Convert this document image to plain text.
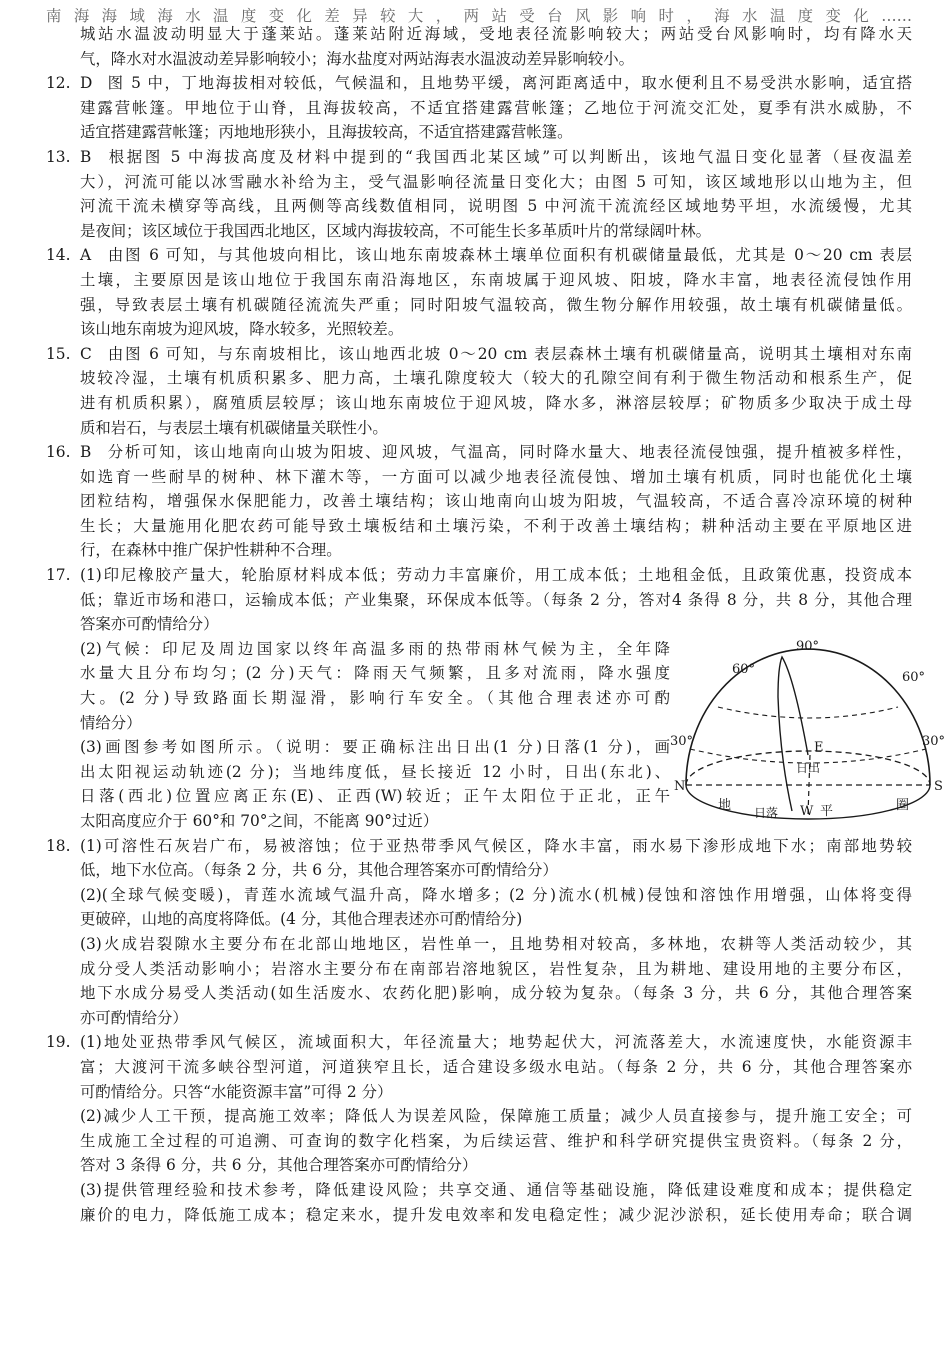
南海海域海水温度变化差异较大，两站受台风影响时，海水温度变化……

城站水温波动明显大于蓬莱站。蓬莱站附近海域，受地表径流影响较大；两站受台风影响时，均有降水天

气，降水对水温波动差异影响较小；海水盐度对两站海表水温波动差异影响较小。

12. D 图 5 中，丁地海拔相对较低，气候温和，且地势平缓，离河距离适中，取水便利且不易受洪水影响，适宜搭

建露营帐篷。甲地位于山脊，且海拔较高，不适宜搭建露营帐篷；乙地位于河流交汇处，夏季有洪水威胁，不

适宜搭建露营帐篷；丙地地形狭小，且海拔较高，不适宜搭建露营帐篷。

13. B 根据图 5 中海拔高度及材料中提到的“我国西北某区域”可以判断出，该地气温日变化显著（昼夜温差

大），河流可能以冰雪融水补给为主，受气温影响径流量日变化大；由图 5 可知，该区域地形以山地为主，但

河流干流未横穿等高线，且两侧等高线数值相同，说明图 5 中河流干流流经区域地势平坦，水流缓慢，尤其

是夜间；该区域位于我国西北地区，区域内海拔较高，不可能生长多革质叶片的常绿阔叶林。

14. A 由图 6 可知，与其他坡向相比，该山地东南坡森林土壤单位面积有机碳储量最低，尤其是 0～20 cm 表层

土壤，主要原因是该山地位于我国东南沿海地区，东南坡属于迎风坡、阳坡，降水丰富，地表径流侵蚀作用

强，导致表层土壤有机碳随径流流失严重；同时阳坡气温较高，微生物分解作用较强，故土壤有机碳储量低。

该山地东南坡为迎风坡，降水较多，光照较差。

15. C 由图 6 可知，与东南坡相比，该山地西北坡 0～20 cm 表层森林土壤有机碳储量高，说明其土壤相对东南

坡较冷湿，土壤有机质积累多、肥力高，土壤孔隙度较大（较大的孔隙空间有利于微生物活动和根系生产，促

进有机质积累），腐殖质层较厚；该山地东南坡位于迎风坡，降水多，淋溶层较厚；矿物质多少取决于成土母

质和岩石，与表层土壤有机碳储量关联性小。

16. B 分析可知，该山地南向山坡为阳坡、迎风坡，气温高，同时降水量大、地表径流侵蚀强，提升植被多样性，

如选育一些耐旱的树种、林下灌木等，一方面可以减少地表径流侵蚀、增加土壤有机质，同时也能优化土壤

团粒结构，增强保水保肥能力，改善土壤结构；该山地南向山坡为阳坡，气温较高，不适合喜冷凉环境的树种

生长；大量施用化肥农药可能导致土壤板结和土壤污染，不利于改善土壤结构；耕种活动主要在平原地区进

行，在森林中推广保护性耕种不合理。

17. (1)印尼橡胶产量大，轮胎原材料成本低；劳动力丰富廉价，用工成本低；土地租金低，且政策优惠，投资成本

低；靠近市场和港口，运输成本低；产业集聚，环保成本低等。（每条 2 分，答对4 条得 8 分，共 8 分，其他合理

答案亦可酌情给分）

(2)气候：印尼及周边国家以终年高温多雨的热带雨林气候为主，全年降

水量大且分布均匀；(2 分)天气：降雨天气频繁，且多对流雨，降水强度

大。(2 分)导致路面长期湿滑，影响行车安全。（其他合理表述亦可酌

情给分）

(3)画图参考如图所示。（说明：要正确标注出日出(1 分)日落(1 分)，画

出太阳视运动轨迹(2 分)；当地纬度低，昼长接近 12 小时，日出(东北)、

日落(西北)位置应离正东(E)、正西(W)较近；正午太阳位于正北，正午

太阳高度应介于 60°和 70°之间，不能离 90°过近）

90°
60°
60°
30°	30°
N	S
E
W
日出
日落
地	平	圈

18. (1)可溶性石灰岩广布，易被溶蚀；位于亚热带季风气候区，降水丰富，雨水易下渗形成地下水；南部地势较

低，地下水位高。（每条 2 分，共 6 分，其他合理答案亦可酌情给分）

(2)(全球气候变暖)，青莲水流域气温升高，降水增多；(2 分)流水(机械)侵蚀和溶蚀作用增强，山体将变得

更破碎，山地的高度将降低。(4 分，其他合理表述亦可酌情给分)

(3)火成岩裂隙水主要分布在北部山地地区，岩性单一，且地势相对较高，多林地，农耕等人类活动较少，其

成分受人类活动影响小；岩溶水主要分布在南部岩溶地貌区，岩性复杂，且为耕地、建设用地的主要分布区，

地下水成分易受人类活动(如生活废水、农药化肥)影响，成分较为复杂。（每条 3 分，共 6 分，其他合理答案

亦可酌情给分）

19. (1)地处亚热带季风气候区，流域面积大，年径流量大；地势起伏大，河流落差大，水流速度快，水能资源丰

富；大渡河干流多峡谷型河道，河道狭窄且长，适合建设多级水电站。（每条 2 分，共 6 分，其他合理答案亦

可酌情给分。只答“水能资源丰富”可得 2 分）

(2)减少人工干预，提高施工效率；降低人为误差风险，保障施工质量；减少人员直接参与，提升施工安全；可

生成施工全过程的可追溯、可查询的数字化档案，为后续运营、维护和科学研究提供宝贵资料。（每条 2 分，

答对 3 条得 6 分，共 6 分，其他合理答案亦可酌情给分）

(3)提供管理经验和技术参考，降低建设风险；共享交通、通信等基础设施，降低建设难度和成本；提供稳定

廉价的电力，降低施工成本；稳定来水，提升发电效率和发电稳定性；减少泥沙淤积，延长使用寿命；联合调
